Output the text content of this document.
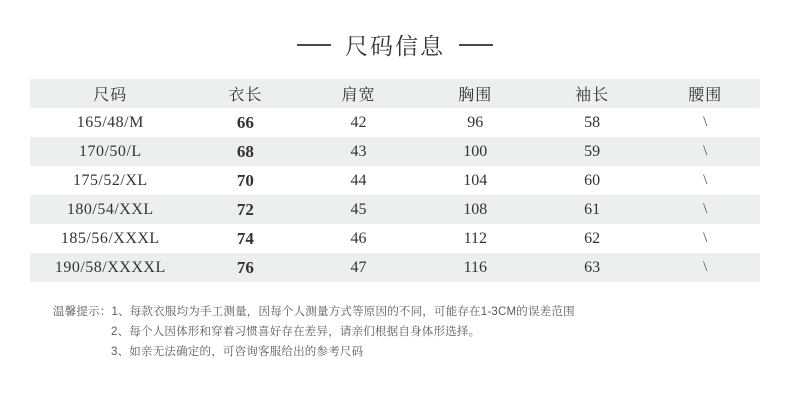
尺码信息
尺码	衣长	肩宽	胸围	袖长	腰围
165/48/M	66	42	96	58	\
170/50/L	68	43	100	59	\
175/52/XL	70	44	104	60	\
180/54/XXL	72	45	108	61	\
185/56/XXXL	74	46	112	62	\
190/58/XXXXL	76	47	116	63	\
温馨提示：1、每款衣服均为手工测量，因每个人测量方式等原因的不同，可能存在1-3CM的误差范围
2、每个人因体形和穿着习惯喜好存在差异，请亲们根据自身体形选择。
3、如亲无法确定的，可咨询客服给出的参考尺码
